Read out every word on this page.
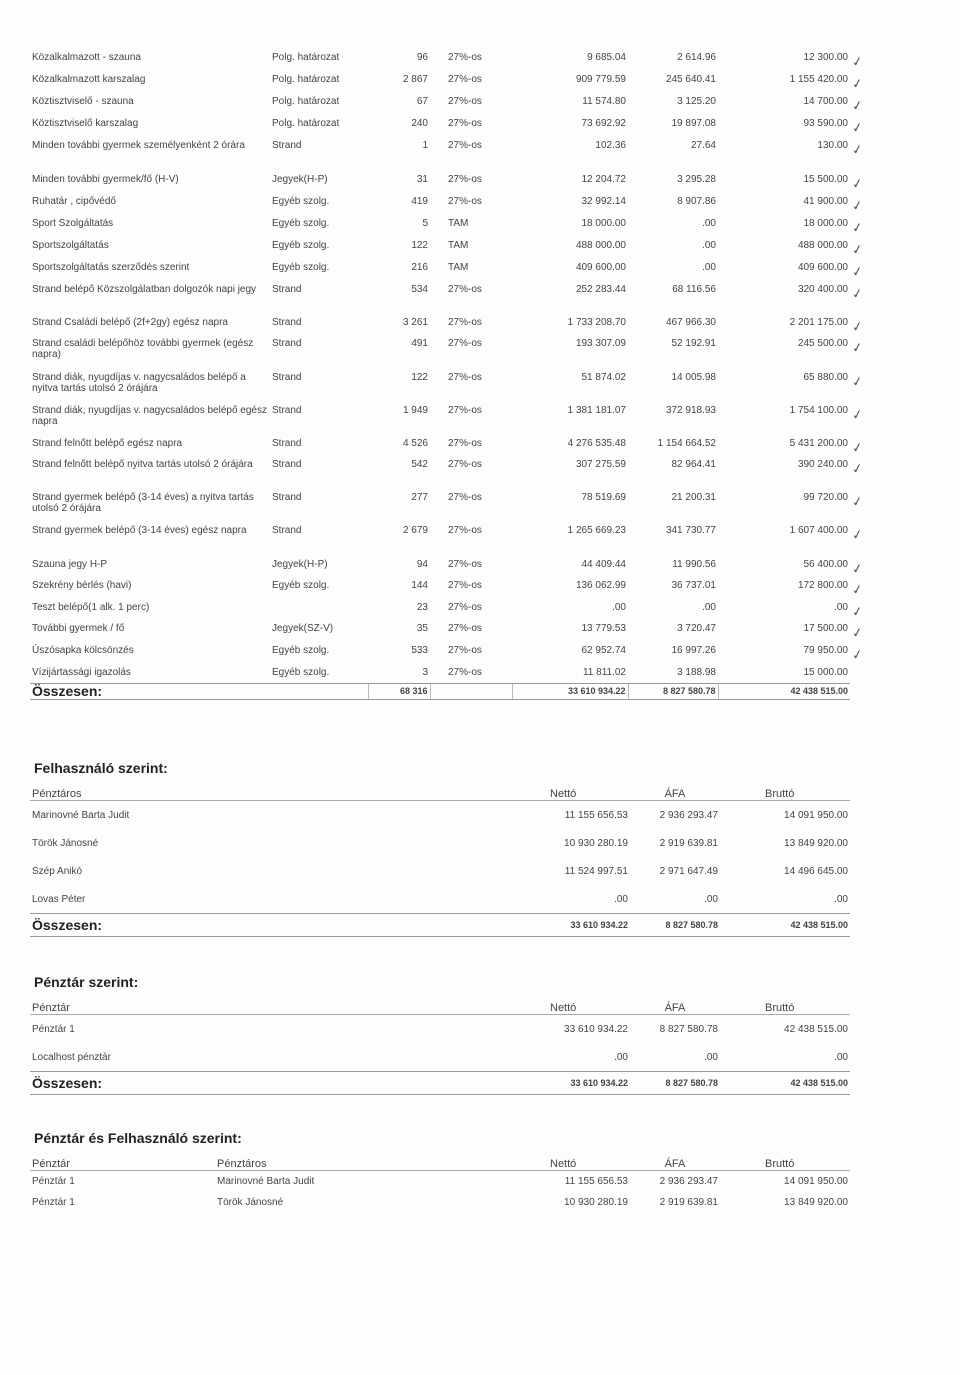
Közalkalmazott - szauna	Polg. határozat	96	27%-os	9 685.04	2 614.96	12 300.00
Közalkalmazott karszalag	Polg. határozat	2 867	27%-os	909 779.59	245 640.41	1 155 420.00
Köztisztviselő - szauna	Polg. határozat	67	27%-os	11 574.80	3 125.20	14 700.00
Köztisztviselő karszalag	Polg. határozat	240	27%-os	73 692.92	19 897.08	93 590.00
Minden további gyermek személyenként 2 órára	Strand	1	27%-os	102.36	27.64	130.00
Minden további gyermek/fő (H-V)	Jegyek(H-P)	31	27%-os	12 204.72	3 295.28	15 500.00
Ruhatár , cipővédő	Egyéb szolg.	419	27%-os	32 992.14	8 907.86	41 900.00
Sport Szolgáltatás	Egyéb szolg.	5	TAM	18 000.00	.00	18 000.00
Sportszolgáltatás	Egyéb szolg.	122	TAM	488 000.00	.00	488 000.00
Sportszolgáltatás szerződés szerint	Egyéb szolg.	216	TAM	409 600.00	.00	409 600.00
Strand belépő Közszolgálatban dolgozók napi jegy	Strand	534	27%-os	252 283.44	68 116.56	320 400.00
Strand Családi belépő (2f+2gy) egész napra	Strand	3 261	27%-os	1 733 208.70	467 966.30	2 201 175.00
Strand családi belépőhöz további gyermek (egész napra)	Strand	491	27%-os	193 307.09	52 192.91	245 500.00
Strand diák, nyugdíjas v. nagycsaládos belépő a nyitva tartás utolsó 2 órájára	Strand	122	27%-os	51 874.02	14 005.98	65 880.00
Strand diák, nyugdíjas v. nagycsaládos belépő egész napra	Strand	1 949	27%-os	1 381 181.07	372 918.93	1 754 100.00
Strand felnőtt belépő egész napra	Strand	4 526	27%-os	4 276 535.48	1 154 664.52	5 431 200.00
Strand felnőtt belépő nyitva tartás utolsó 2 órájára	Strand	542	27%-os	307 275.59	82 964.41	390 240.00
Strand gyermek belépő (3-14 éves) a nyitva tartás utolsó 2 órájára	Strand	277	27%-os	78 519.69	21 200.31	99 720.00
Strand gyermek belépő (3-14 éves) egész napra	Strand	2 679	27%-os	1 265 669.23	341 730.77	1 607 400.00
Szauna jegy H-P	Jegyek(H-P)	94	27%-os	44 409.44	11 990.56	56 400.00
Szekrény bérlés (havi)	Egyéb szolg.	144	27%-os	136 062.99	36 737.01	172 800.00
Teszt belépő(1 alk. 1 perc)		23	27%-os	.00	.00	.00
További gyermek / fő	Jegyek(SZ-V)	35	27%-os	13 779.53	3 720.47	17 500.00
Úszósapka kölcsönzés	Egyéb szolg.	533	27%-os	62 952.74	16 997.26	79 950.00
Vízijártassági igazolás	Egyéb szolg.	3	27%-os	11 811.02	3 188.98	15 000.00
Összesen:		68 316		33 610 934.22	8 827 580.78	42 438 515.00
Felhasználó szerint:
Pénztáros	Nettó	ÁFA	Bruttó
Marinovné Barta Judit	11 155 656.53	2 936 293.47	14 091 950.00
Török Jánosné	10 930 280.19	2 919 639.81	13 849 920.00
Szép Anikó	11 524 997.51	2 971 647.49	14 496 645.00
Lovas Péter	.00	.00	.00
Összesen:	33 610 934.22	8 827 580.78	42 438 515.00
Pénztár szerint:
Pénztár	Nettó	ÁFA	Bruttó
Pénztár 1	33 610 934.22	8 827 580.78	42 438 515.00
Localhost pénztár	.00	.00	.00
Összesen:	33 610 934.22	8 827 580.78	42 438 515.00
Pénztár és Felhasználó szerint:
Pénztár	Pénztáros	Nettó	ÁFA	Bruttó
Pénztár 1	Marinovné Barta Judit	11 155 656.53	2 936 293.47	14 091 950.00
Pénztár 1	Török Jánosné	10 930 280.19	2 919 639.81	13 849 920.00
✓
✓
✓
✓
✓
✓
✓
✓
✓
✓
✓
✓
✓
✓
✓
✓
✓
✓
✓
✓
✓
✓
✓
✓
